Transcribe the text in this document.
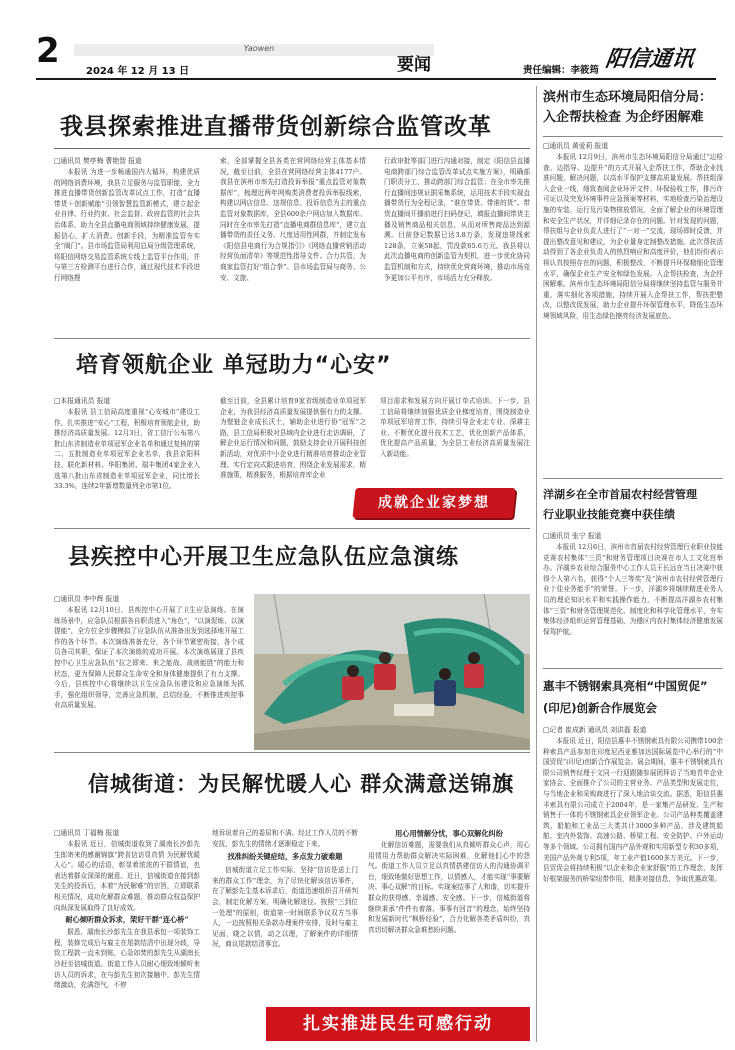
2	Yaowen
2024 年 12 月 13 日	要闻	责任编辑：李筱筠 阳信通讯
我县探索推进直播带货创新综合监管改革
□通讯员 樊亭梅 曹艳智 报道

本报讯 为进一步畅通国内大循环，构建优质的网络消费环境，我县立足服务与监管职能，全力推进直播带货创新监管改革试点工作，打造“直播带货＋创新赋能”引领智慧监管新模式，建立起企业自律、行业约束、社会监督、政府监管的社会共治体系，助力全县直播电商领域持续健康发展，提振信心，扩大消费。创新手段，为精准监管夯实全“阀门”。县市场监管局利用总局分级管理系统，将阳信网络交易监管系统专线上监管平台作用，并与第三方检测平台进行合作，通过现代技术手段进行网络搜

索，全部掌握全县各类在营网络经营主体基本情况，截至目前，全县在营网络经营主体4177户。我县在滨州市率先打造投诉举报“重点监管对象数据库”，梳理近两年网购类消费者投诉举报线索，构建以网店信息、违规信息、投诉信息为主的重点监管对象数据库，全县600余户网店加入数据库。同时在全市率先打造“直播电商群信息库”，建立直播带货的责任义务、尺度适用性网群，并制定发布《阳信县电商行为合规指引》《网络直播营销活动经营负面清单》等规范性指导文件。合力共管，为商家监管打好“组合拳”。县市场监管局与商务、公安、文旅、

行政审批等部门进行沟通对接，制定《阳信县直播电商跨部门综合监管改革试点实施方案》，明确部门职责分工，推动跨部门综合监管；在全市率先推行直播间违规证据采集系统，运用技术手段实现直播带货行为全程记录，“谁在带货、带谁的货”。带货直播间开播前进行扫码登记，填报直播间带货主播及销售商品相关信息，从而对所售商品达到源溯。目前登记数据已达3.8万条，发现违规线索128条，立案58起，罚没款65.6万元。我县将以此次直播电商的创新监管为契机，进一步优化协同监管机制和方式，持续优化营商环境，推动市场竞争更加公平有序，市场活力充分释放。

培育领航企业 单冠助力“心安”
□本报通讯员 报道

本报讯 县工信局高度重视“心安城市”建设工作，扎实推进“安心”工程，积极培育领航企业，助推经济高质量发展。12月3日，省工信厅公布第八批山东省制造业单项冠军企业名单和通过复核的第二、五批制造业单项冠军企业名单，我县京阳科技、联化新材料、华阳集团、瑞丰集团4家企业入选第八批山东省制造业单项冠军企业，同比增长33.3%，连续2年新增数量列全市第1位。

截至目前，全县累计培育9家省级制造业单项冠军企业，为我县经济高质量发展提供强有力的支撑。为壁链企业成长沃土，辅助企业进行协“冠军”之路，县工信局积极对县域内企业进行走访调研，了解企业运行情况和问题，鼓励支持企业开展科技创新活动，对优质中小企业进行精准培育推动企业管理、实行定向式跟进培育，围绕企业发展需求，精准施策，精准服务，根据培育库企业

项目需求和发展方向开展订单式培训。下一步，县工信局将继续加强优质企业梯度培育，围绕制造业单项冠军培育工作，持续引导企业走专业、深耕主业、不断优化提升技术工艺，优化创新产品体系，优化提高产品质量，为全县工业经济高质量发展注入新动能。

成就企业家梦想
县疾控中心开展卫生应急队伍应急演练
□通讯员 李中辉 报道

本报讯 12月10日，县疾控中心开展了卫生应急演练。在演练场景中，应急队员根据各自职责进入“角色”，“以演促练、以演提能”，全方位全步骤模拟了应急队伍从准备出发到选择地开展工作的各个环节。本次演练准备充分，各个环节紧密衔接，各个成员各司其职，保证了本次演练的成功开展。本次演练展现了县疾控中心卫生应急队伍“拉之即来、来之能战、战则能胜”的能力和状态，更为保障人民群众生命安全和身体健康提供了有力支撑。今后，县疾控中心将继续以卫生应急队伍建设和应急演练为抓手，强化组织领导，完善应急机制，总结经验，不断推进疾控事业高质量发展。

信城街道：为民解忧暖人心 群众满意送锦旗
□通讯员 丁福梅 报道

本报讯 近日，信城街道收到了湖南长沙彭先生郎寄来的感谢锦旗“跨省信访显真情 为民解忧暖人心”。暖心的话语，彰显着浓浓的干群情谊，也表达着群众深深的谢意。近日，信城街道在接到彭先生的投诉后，本着“为民解难”的宗旨，立即联系相关情况，成功化解群众难题，推动群众权益保护向纵深发展取得了良好成效。

耐心倾听群众诉求，架好干群“连心桥”

据悉，湖南长沙彭先生在我县承包一项装饰工程，装修完成后与雇主在尾款结清中出现分歧，导致工程款一直未到账，心急如焚的彭先生从湖南长沙赶至信城街道。街道工作人员耐心细致地倾听来访人员的诉求，在与彭先生初次接触中，彭先生情绪激动，充满怨气，不停

地诉说着自己的委屈和不满。经过工作人员的不断安抚，彭先生的情绪才逐渐稳定下来。

找准纠纷关键症结，多点发力破难题

信城街道立足工作实际，坚持“信访是送上门来的群众工作”理念，为了尽快化解该信访事件，在了解彭先生基本诉求后，街道迅速组织召开研判会，制定化解方案，明确化解途径。按照“三到位一处理”的原则，街道第一时间联系争议双方当事人，一边按照相关条款办理案件安排，及时与雇主见面，晓之以情，动之以理，了解案件的详细情况，商议尾款结清事宜。

用心用情解分忧，事心双解化纠纷

化解信访难题，需要我们从真倾听群众心声，用心用情用力帮助群众解决实际困难，化解他们心中的怨气。街道工作人员立足以真情搭建信访人的沟通协调平台，细致地做好思想工作，以情感人，才能实现“事要解决、事心双解”的目标。实现案结事了人和谐，切实提升群众的获得感、幸福感、安全感。下一步，信城街道将继续秉承“件件有着落、事事有回音”的理念，始终坚持和发展新时代“枫桥经验”，合力化解各类矛盾纠纷，真真切切解决群众急难愁盼问题。

扎实推进民生可感行动
滨州市生态环境局阳信分局：
入企帮扶检查 为企纾困解难
□通讯员 黄爱莉 报道

本报讯 12月9日，滨州市生态环境局阳信分局通过“边检查、边指导、边提升”的方式开展入企帮扶工作，帮助企业找准问题，解决问题，以高水平保护支撑高质量发展。帮扶组深入企业一线，细致查阅企业环评文件、环保验收工作，排污许可证以及突发环境事件应急预案等材料，实地检查污染治理设施的安装、运行及污染物排放情况，全面了解企业的环境管理和安全生产状况，并详细记录存在的问题。针对发现的问题，帮扶组与企业负责人进行了“一对一”交流，现场即时反馈，并提出整改意见和建议，为企业量身定制整改措施。此次帮扶活动得到了各企业负责人的热烈响应和高度评价，他们纷纷表示将认真按照存在的问题，积极整改，不断提升环保精细化管理水平，确保企业生产安全和绿色发展。入企帮扶检查，为企纾困解难。滨州市生态环境局阳信分局将继续坚持监管与服务并重，落实细化各项措施，持续开展入企帮扶工作，帮扶把整改，以整改促发展，助力企业提升环保管理水平，降低生态环境领域风险，用生态绿色擦亮经济发展底色。

洋湖乡在全市首届农村经营管理
行业职业技能竞赛中获佳绩
□通讯员 张宁 报道

本报讯 12月6日，滨州市首届农村经营管理行业职业技能竞赛农村集体“三资”和财务管理项目决赛在市人工文化宫举办。洋湖乡农业综合服务中心工作人员王长远在当日决赛中获得个人第六名，获得“个人三等奖”及“滨州市农村经营管理行业十佳业务能手”的荣誉。下一步，洋湖乡将继续精进业务人员的理论知识水平和实践操作能力，不断提高洋湖乡农村集体“三资”和财务管理规范化、制度化和科学化管理水平，夯实集体经济组织运营管理基础，为穩区内农村集体经济健康发展保驾护航。

惠丰不锈钢索具亮相“中国贸促”
(印尼)创新合作展览会
□记者 崔成新 通讯员 刘洪磊 报道

本报讯 近日，阳信县惠丰不锈钢索具有限公司携带100余种索具产品参加在印度尼西亚雅加达国际展览中心举行的“中国贸促”(印尼)创新合作展览会。展会期间，惠丰不锈钢索具有限公司销售经理于文同一行迎跟随参展团拜访了当地青年企业家协会，全面推介了公司的主营业务、产品类型和发展定位，与当地企业和采购商进行了深入地洽谈交流。据悉，阳信县惠丰索具有限公司成立于2004年，是一家集产品研发、生产和销售于一体的不锈钢索具企业领军企业。公司产品种类覆盖建筑、船舶和工业品三大类共计3000多种产品，涉及建筑船舶、室内外装饰、高速公路、桥梁工程、安全防护、户外运动等多个领域。公司拥有国内产品外观和实用新型专利30多项，美国产品外观专利5项，年工业产值1600多万美元。下一步，县贸促会将持续积极“以企业和企业家舒服”的工作理念，发挥好框架服务的桥梁纽带作用，精准对接信息，争取优惠政策。
